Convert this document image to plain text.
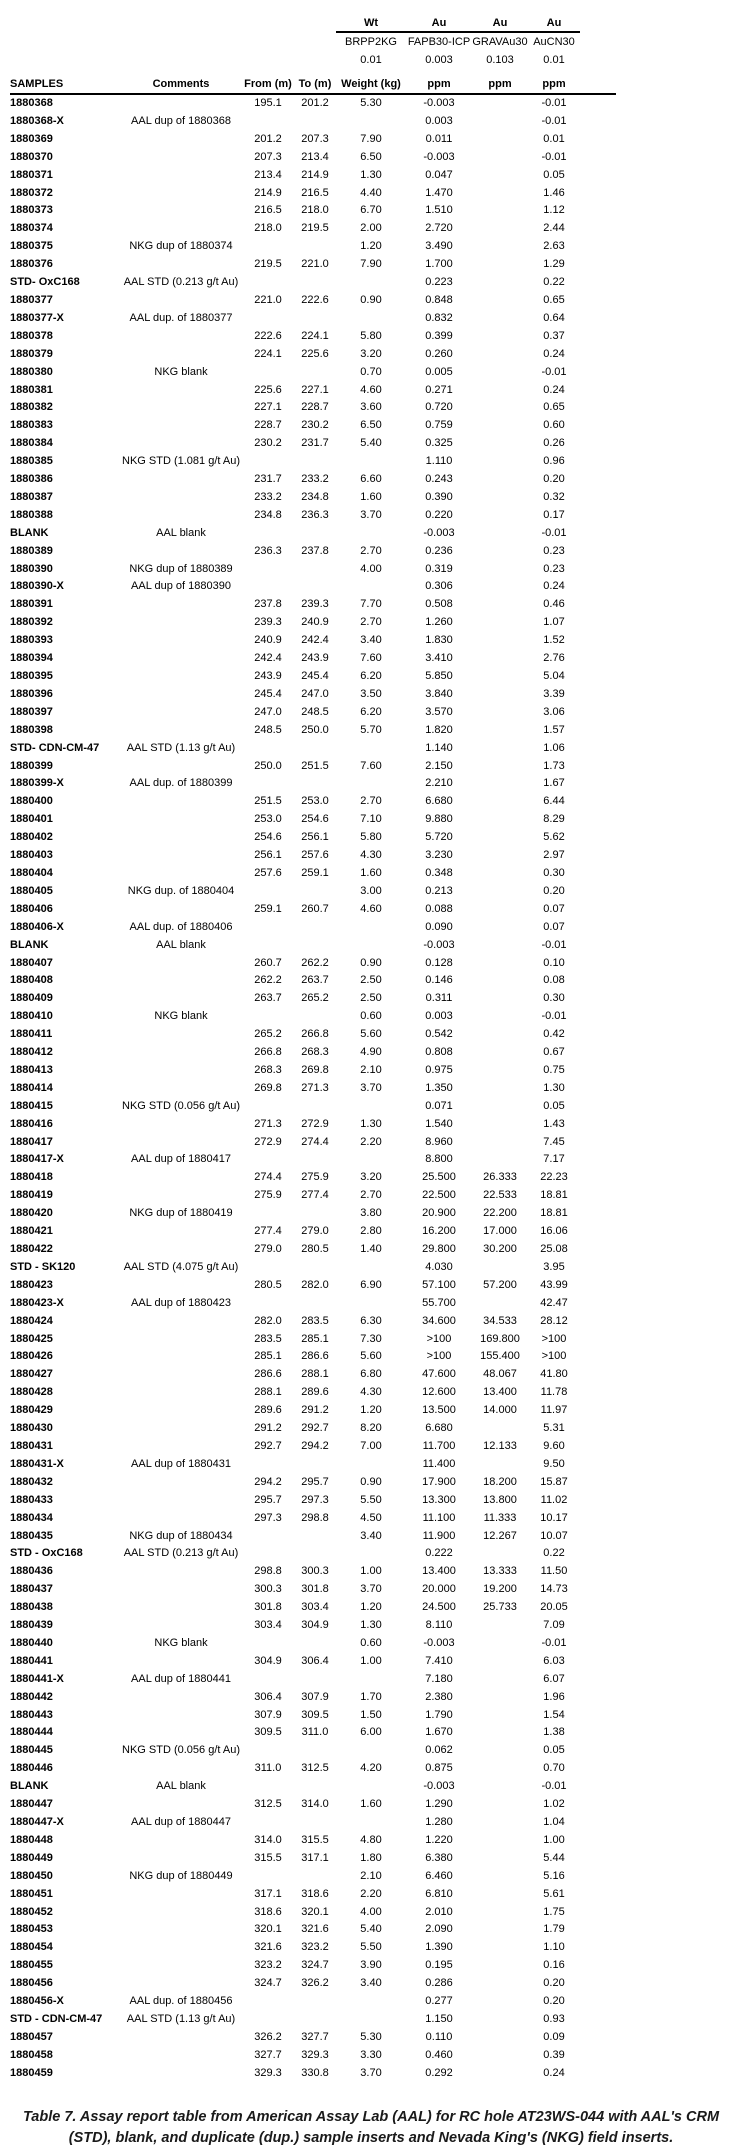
				Wt	Au	Au	Au	
				BRPP2KG	FAPB30-ICP	GRAVAu30	AuCN30	
				0.01	0.003	0.103	0.01	
SAMPLES	Comments	From (m)	To (m)	Weight (kg)	ppm	ppm	ppm	
1880368		195.1	201.2	5.30	-0.003		-0.01	
1880368-X	AAL dup of 1880368				0.003		-0.01	
1880369		201.2	207.3	7.90	0.011		0.01	
1880370		207.3	213.4	6.50	-0.003		-0.01	
1880371		213.4	214.9	1.30	0.047		0.05	
1880372		214.9	216.5	4.40	1.470		1.46	
1880373		216.5	218.0	6.70	1.510		1.12	
1880374		218.0	219.5	2.00	2.720		2.44	
1880375	NKG dup of 1880374			1.20	3.490		2.63	
1880376		219.5	221.0	7.90	1.700		1.29	
STD- OxC168	AAL STD (0.213 g/t Au)				0.223		0.22	
1880377		221.0	222.6	0.90	0.848		0.65	
1880377-X	AAL dup. of 1880377				0.832		0.64	
1880378		222.6	224.1	5.80	0.399		0.37	
1880379		224.1	225.6	3.20	0.260		0.24	
1880380	NKG blank			0.70	0.005		-0.01	
1880381		225.6	227.1	4.60	0.271		0.24	
1880382		227.1	228.7	3.60	0.720		0.65	
1880383		228.7	230.2	6.50	0.759		0.60	
1880384		230.2	231.7	5.40	0.325		0.26	
1880385	NKG STD (1.081 g/t Au)				1.110		0.96	
1880386		231.7	233.2	6.60	0.243		0.20	
1880387		233.2	234.8	1.60	0.390		0.32	
1880388		234.8	236.3	3.70	0.220		0.17	
BLANK	AAL blank				-0.003		-0.01	
1880389		236.3	237.8	2.70	0.236		0.23	
1880390	NKG dup of 1880389			4.00	0.319		0.23	
1880390-X	AAL dup of 1880390				0.306		0.24	
1880391		237.8	239.3	7.70	0.508		0.46	
1880392		239.3	240.9	2.70	1.260		1.07	
1880393		240.9	242.4	3.40	1.830		1.52	
1880394		242.4	243.9	7.60	3.410		2.76	
1880395		243.9	245.4	6.20	5.850		5.04	
1880396		245.4	247.0	3.50	3.840		3.39	
1880397		247.0	248.5	6.20	3.570		3.06	
1880398		248.5	250.0	5.70	1.820		1.57	
STD- CDN-CM-47	AAL STD (1.13 g/t Au)				1.140		1.06	
1880399		250.0	251.5	7.60	2.150		1.73	
1880399-X	AAL dup. of 1880399				2.210		1.67	
1880400		251.5	253.0	2.70	6.680		6.44	
1880401		253.0	254.6	7.10	9.880		8.29	
1880402		254.6	256.1	5.80	5.720		5.62	
1880403		256.1	257.6	4.30	3.230		2.97	
1880404		257.6	259.1	1.60	0.348		0.30	
1880405	NKG dup. of 1880404			3.00	0.213		0.20	
1880406		259.1	260.7	4.60	0.088		0.07	
1880406-X	AAL dup. of 1880406				0.090		0.07	
BLANK	AAL blank				-0.003		-0.01	
1880407		260.7	262.2	0.90	0.128		0.10	
1880408		262.2	263.7	2.50	0.146		0.08	
1880409		263.7	265.2	2.50	0.311		0.30	
1880410	NKG blank			0.60	0.003		-0.01	
1880411		265.2	266.8	5.60	0.542		0.42	
1880412		266.8	268.3	4.90	0.808		0.67	
1880413		268.3	269.8	2.10	0.975		0.75	
1880414		269.8	271.3	3.70	1.350		1.30	
1880415	NKG STD (0.056 g/t Au)				0.071		0.05	
1880416		271.3	272.9	1.30	1.540		1.43	
1880417		272.9	274.4	2.20	8.960		7.45	
1880417-X	AAL dup of 1880417				8.800		7.17	
1880418		274.4	275.9	3.20	25.500	26.333	22.23	
1880419		275.9	277.4	2.70	22.500	22.533	18.81	
1880420	NKG dup of 1880419			3.80	20.900	22.200	18.81	
1880421		277.4	279.0	2.80	16.200	17.000	16.06	
1880422		279.0	280.5	1.40	29.800	30.200	25.08	
STD - SK120	AAL STD (4.075 g/t Au)				4.030		3.95	
1880423		280.5	282.0	6.90	57.100	57.200	43.99	
1880423-X	AAL dup of 1880423				55.700		42.47	
1880424		282.0	283.5	6.30	34.600	34.533	28.12	
1880425		283.5	285.1	7.30	>100	169.800	>100	
1880426		285.1	286.6	5.60	>100	155.400	>100	
1880427		286.6	288.1	6.80	47.600	48.067	41.80	
1880428		288.1	289.6	4.30	12.600	13.400	11.78	
1880429		289.6	291.2	1.20	13.500	14.000	11.97	
1880430		291.2	292.7	8.20	6.680		5.31	
1880431		292.7	294.2	7.00	11.700	12.133	9.60	
1880431-X	AAL dup of 1880431				11.400		9.50	
1880432		294.2	295.7	0.90	17.900	18.200	15.87	
1880433		295.7	297.3	5.50	13.300	13.800	11.02	
1880434		297.3	298.8	4.50	11.100	11.333	10.17	
1880435	NKG dup of 1880434			3.40	11.900	12.267	10.07	
STD - OxC168	AAL STD (0.213 g/t Au)				0.222		0.22	
1880436		298.8	300.3	1.00	13.400	13.333	11.50	
1880437		300.3	301.8	3.70	20.000	19.200	14.73	
1880438		301.8	303.4	1.20	24.500	25.733	20.05	
1880439		303.4	304.9	1.30	8.110		7.09	
1880440	NKG blank			0.60	-0.003		-0.01	
1880441		304.9	306.4	1.00	7.410		6.03	
1880441-X	AAL dup of 1880441				7.180		6.07	
1880442		306.4	307.9	1.70	2.380		1.96	
1880443		307.9	309.5	1.50	1.790		1.54	
1880444		309.5	311.0	6.00	1.670		1.38	
1880445	NKG STD (0.056 g/t Au)				0.062		0.05	
1880446		311.0	312.5	4.20	0.875		0.70	
BLANK	AAL blank				-0.003		-0.01	
1880447		312.5	314.0	1.60	1.290		1.02	
1880447-X	AAL dup of 1880447				1.280		1.04	
1880448		314.0	315.5	4.80	1.220		1.00	
1880449		315.5	317.1	1.80	6.380		5.44	
1880450	NKG dup of 1880449			2.10	6.460		5.16	
1880451		317.1	318.6	2.20	6.810		5.61	
1880452		318.6	320.1	4.00	2.010		1.75	
1880453		320.1	321.6	5.40	2.090		1.79	
1880454		321.6	323.2	5.50	1.390		1.10	
1880455		323.2	324.7	3.90	0.195		0.16	
1880456		324.7	326.2	3.40	0.286		0.20	
1880456-X	AAL dup. of 1880456				0.277		0.20	
STD - CDN-CM-47	AAL STD (1.13 g/t Au)				1.150		0.93	
1880457		326.2	327.7	5.30	0.110		0.09	
1880458		327.7	329.3	3.30	0.460		0.39	
1880459		329.3	330.8	3.70	0.292		0.24	
Table 7. Assay report table from American Assay Lab (AAL) for RC hole AT23WS-044 with AAL's CRM (STD), blank, and duplicate (dup.) sample inserts and Nevada King's (NKG) field inserts.
